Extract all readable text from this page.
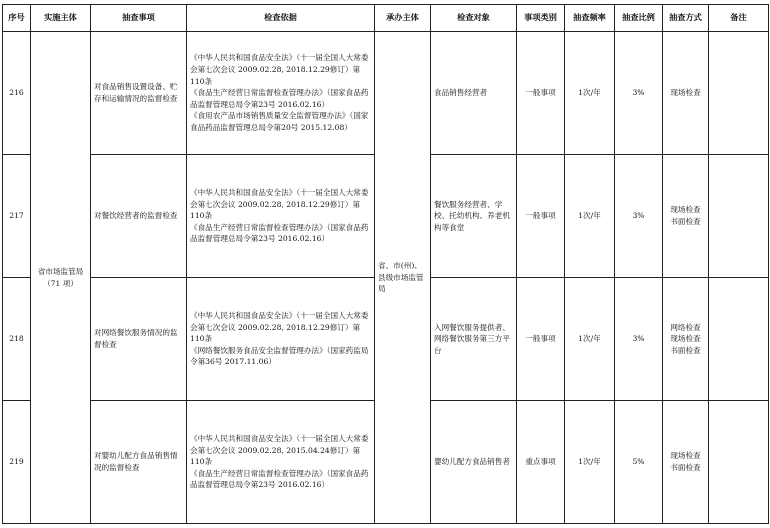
序号	实施主体	抽查事项	检查依据	承办主体	检查对象	事项类别	抽查频率	抽查比例	抽查方式	备注
216	省市场监管局（71 项）	对食品销售设置设备、贮存和运输情况的监督检查	《中华人民共和国食品安全法》（十一届全国人大常委会第七次会议 2009.02.28, 2018.12.29修订）第110条
《食品生产经营日常监督检查管理办法》（国家食品药品监督管理总局令第23号 2016.02.16）
《食用农产品市场销售质量安全监督管理办法》（国家食品药品监督管理总局令第20号 2015.12.08）	省、市(州)、县级市场监管局	食品销售经营者	一般事项	1次/年	3%	现场检查	

217		对餐饮经营者的监督检查	《中华人民共和国食品安全法》（十一届全国人大常委会第七次会议 2009.02.28, 2018.12.29修订）第110条
《食品生产经营日常监督检查管理办法》（国家食品药品监督管理总局令第23号 2016.02.16）		餐饮服务经营者、学校、托幼机构、养老机构等食堂	一般事项	1次/年	3%	现场检查
书面检查	

218		对网络餐饮服务情况的监督检查	《中华人民共和国食品安全法》（十一届全国人大常委会第七次会议 2009.02.28, 2018.12.29修订）第110条
《网络餐饮服务食品安全监督管理办法》（国家药监局令第36号 2017.11.06）		入网餐饮服务提供者、网络餐饮服务第三方平台	一般事项	1次/年	3%	网络检查
现场检查
书面检查	

219		对婴幼儿配方食品销售情况的监督检查	《中华人民共和国食品安全法》（十一届全国人大常委会第七次会议 2009.02.28, 2015.04.24修订）第110条
《食品生产经营日常监督检查管理办法》（国家食品药品监督管理总局令第23号 2016.02.16）		婴幼儿配方食品销售者	重点事项	1次/年	5%	现场检查
书面检查	
